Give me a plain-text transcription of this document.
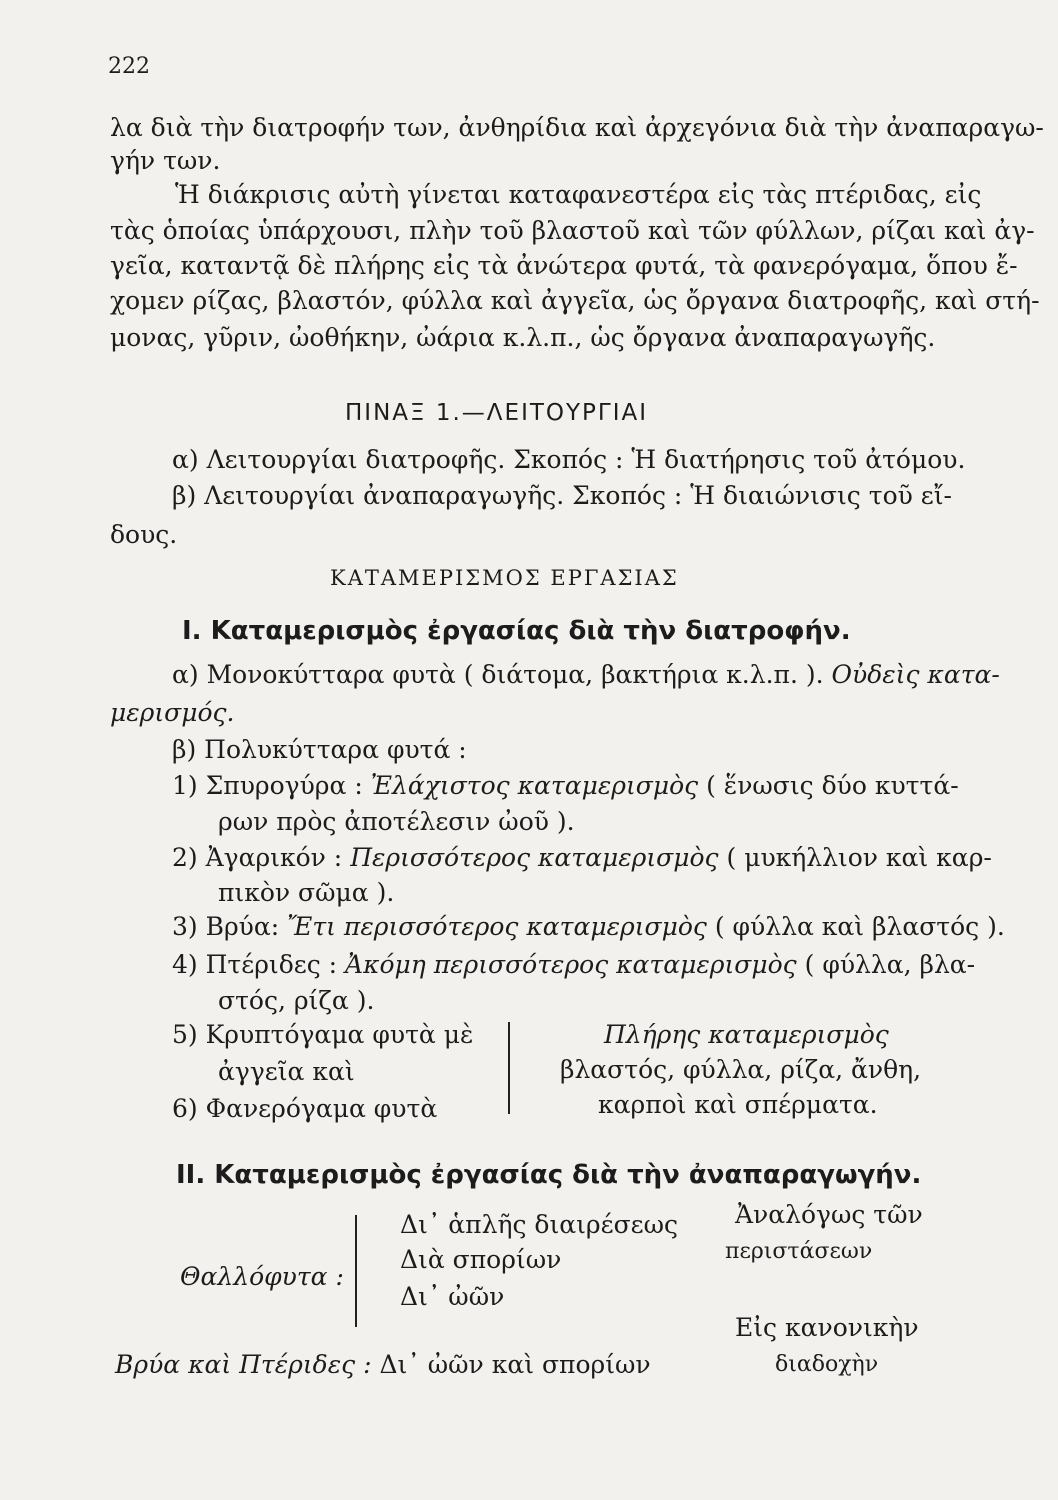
222
λα διὰ τὴν διατροφήν των, ἀνθηρίδια καὶ ἀρχεγόνια διὰ τὴν ἀναπαραγω-
γήν των.
Ἡ διάκρισις αὐτὴ γίνεται καταφανεστέρα εἰς τὰς πτέριδας, εἰς
τὰς ὁποίας ὑπάρχουσι, πλὴν τοῦ βλαστοῦ καὶ τῶν φύλλων, ρίζαι καὶ ἀγ-
γεῖα, καταντᾷ δὲ πλήρης εἰς τὰ ἀνώτερα φυτά, τὰ φανερόγαμα, ὅπου ἔ-
χομεν ρίζας, βλαστόν, φύλλα καὶ ἀγγεῖα, ὡς ὄργανα διατροφῆς, καὶ στή-
μονας, γῦριν, ὠοθήκην, ὠάρια κ.λ.π., ὡς ὄργανα ἀναπαραγωγῆς.
ΠΙΝΑΞ 1.—ΛΕΙΤΟΥΡΓΙΑΙ
α) Λειτουργίαι διατροφῆς. Σκοπός : Ἡ διατήρησις τοῦ ἀτόμου.
β) Λειτουργίαι ἀναπαραγωγῆς. Σκοπός : Ἡ διαιώνισις τοῦ εἴ-
δους.
ΚΑΤΑΜΕΡΙΣΜΟΣ ΕΡΓΑΣΙΑΣ
I. Καταμερισμὸς ἐργασίας διὰ τὴν διατροφήν.
α) Μονοκύτταρα φυτὰ ( διάτομα, βακτήρια κ.λ.π. ). Οὐδεὶς κατα-
μερισμός.
β) Πολυκύτταρα φυτά :
1) Σπυρογύρα : Ἐλάχιστος καταμερισμὸς ( ἕνωσις δύο κυττά-
ρων πρὸς ἀποτέλεσιν ὠοῦ ).
2) Ἀγαρικόν : Περισσότερος καταμερισμὸς ( μυκήλλιον καὶ καρ-
πικὸν σῶμα ).
3) Βρύα: Ἔτι περισσότερος καταμερισμὸς ( φύλλα καὶ βλαστός ).
4) Πτέριδες : Ἀκόμη περισσότερος καταμερισμὸς ( φύλλα, βλα-
στός, ρίζα ).
5) Κρυπτόγαμα φυτὰ μὲ
ἀγγεῖα καὶ
6) Φανερόγαμα φυτὰ
Πλήρης καταμερισμὸς
βλαστός, φύλλα, ρίζα, ἄνθη,
καρποὶ καὶ σπέρματα.
II. Καταμερισμὸς ἐργασίας διὰ τὴν ἀναπαραγωγήν.
Θαλλόφυτα :
Δι᾽ ἁπλῆς διαιρέσεως
Διὰ σπορίων
Δι᾽ ὠῶν
Ἀναλόγως τῶν
περιστάσεων
Εἰς κανονικὴν
διαδοχὴν
Βρύα καὶ Πτέριδες : Δι᾽ ὠῶν καὶ σπορίων
